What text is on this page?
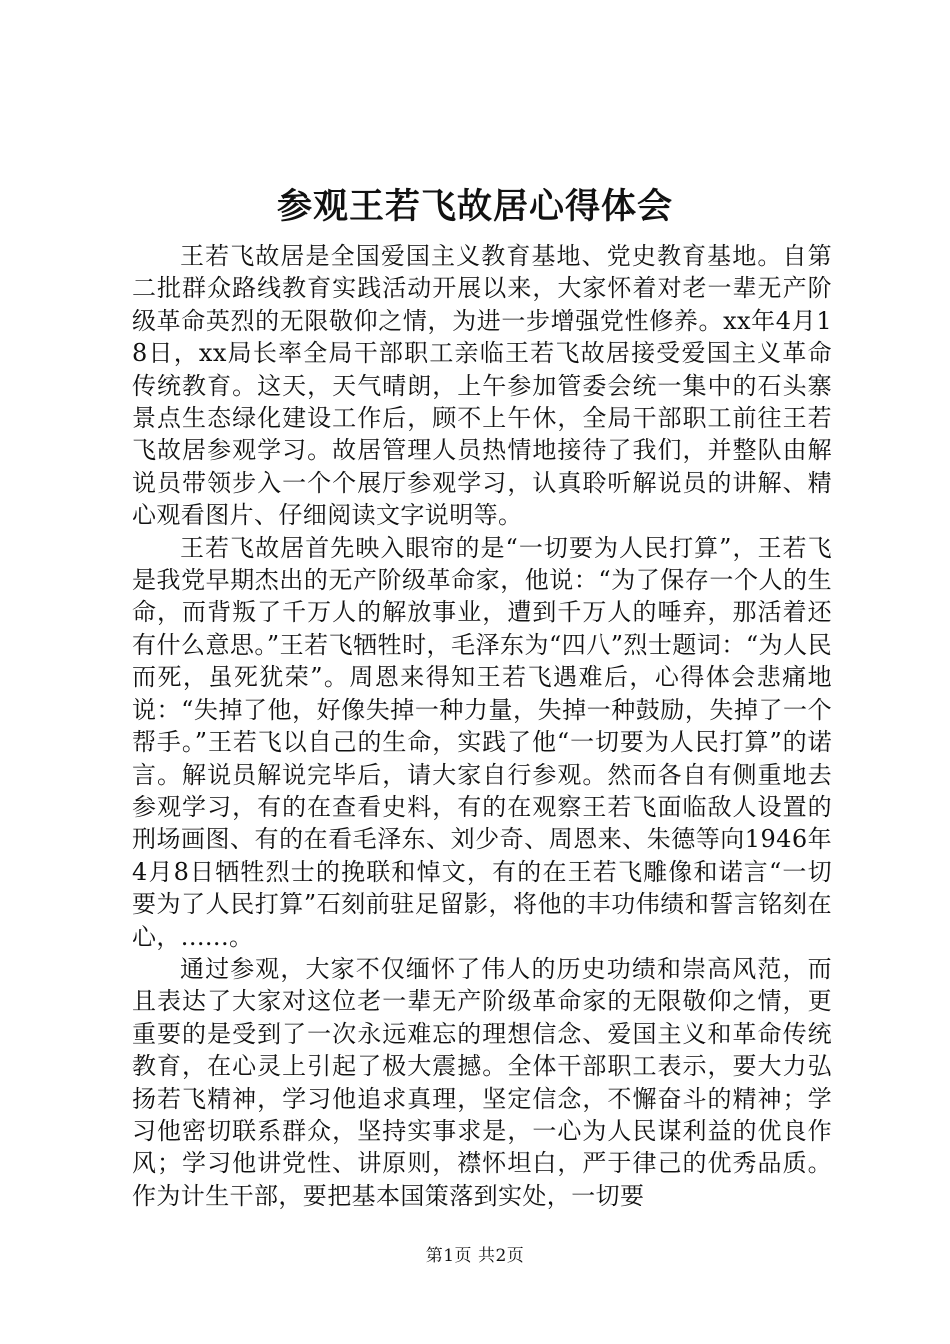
参观王若飞故居心得体会

王若飞故居是全国爱国主义教育基地、党史教育基地。自第二批群众路线教育实践活动开展以来，大家怀着对老一辈无产阶级革命英烈的无限敬仰之情，为进一步增强党性修养。xx年4月18日，xx局长率全局干部职工亲临王若飞故居接受爱国主义革命传统教育。这天，天气晴朗，上午参加管委会统一集中的石头寨景点生态绿化建设工作后，顾不上午休，全局干部职工前往王若飞故居参观学习。故居管理人员热情地接待了我们，并整队由解说员带领步入一个个展厅参观学习，认真聆听解说员的讲解、精心观看图片、仔细阅读文字说明等。

王若飞故居首先映入眼帘的是“一切要为人民打算”，王若飞是我党早期杰出的无产阶级革命家，他说：“为了保存一个人的生命，而背叛了千万人的解放事业，遭到千万人的唾弃，那活着还有什么意思。”王若飞牺牲时，毛泽东为“四八”烈士题词：“为人民而死，虽死犹荣”。周恩来得知王若飞遇难后，心得体会悲痛地说：“失掉了他，好像失掉一种力量，失掉一种鼓励，失掉了一个帮手。”王若飞以自己的生命，实践了他“一切要为人民打算”的诺言。解说员解说完毕后，请大家自行参观。然而各自有侧重地去参观学习，有的在查看史料，有的在观察王若飞面临敌人设置的刑场画图、有的在看毛泽东、刘少奇、周恩来、朱德等向1946年4月8日牺牲烈士的挽联和悼文，有的在王若飞雕像和诺言“一切要为了人民打算”石刻前驻足留影，将他的丰功伟绩和誓言铭刻在心，......。

通过参观，大家不仅缅怀了伟人的历史功绩和崇高风范，而且表达了大家对这位老一辈无产阶级革命家的无限敬仰之情，更重要的是受到了一次永远难忘的理想信念、爱国主义和革命传统教育，在心灵上引起了极大震撼。全体干部职工表示，要大力弘扬若飞精神，学习他追求真理，坚定信念，不懈奋斗的精神；学习他密切联系群众，坚持实事求是，一心为人民谋利益的优良作风；学习他讲党性、讲原则，襟怀坦白，严于律己的优秀品质。作为计生干部，要把基本国策落到实处，一切要

第1页 共2页
